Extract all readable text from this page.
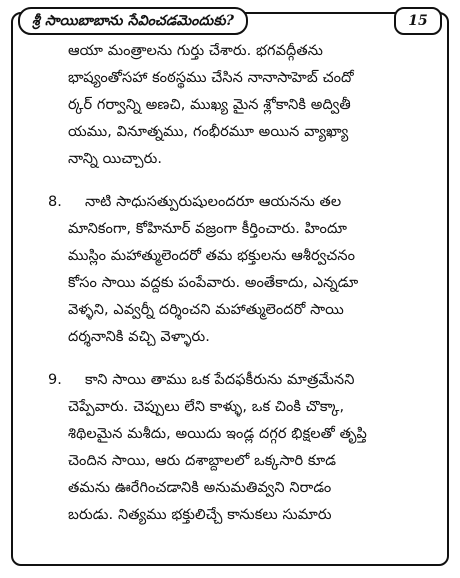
శ్రీ సాయిబాబాను సేవించడమెందుకు?	15
ఆయా మంత్రాలను గుర్తు చేశారు. భగవద్గీతను
భాష్యంతోసహా కంఠస్థము చేసిన నానాసాహెబ్ చందో
ర్కర్ గర్వాన్ని అణచి, ముఖ్య మైన శ్లోకానికి అద్వితీ
యము, వినూత్నము, గంభీరమూ అయిన వ్యాఖ్యా
నాన్ని యిచ్చారు.
8.	నాటి సాధుసత్పురుషులందరూ ఆయనను తల
మానికంగా, కోహినూర్ వజ్రంగా కీర్తించారు. హిందూ
ముస్లిం మహాత్ములెందరో తమ భక్తులను ఆశీర్వచనం
కోసం సాయి వద్దకు పంపేవారు. అంతేకాదు, ఎన్నడూ
వెళ్ళని, ఎవ్వర్నీ దర్శించని మహాత్ములెందరో సాయి
దర్శనానికి వచ్చి వెళ్ళారు.
9.	కాని సాయి తాము ఒక పేదఫకీరును మాత్రమేనని
చెప్పేవారు. చెప్పులు లేని కాళ్ళు, ఒక చింకి చొక్కా,
శిథిలమైన మశీదు, అయిదు ఇండ్ల దగ్గర భిక్షలతో తృప్తి
చెందిన సాయి, ఆరు దశాబ్దాలలో ఒక్కసారి కూడ
తమను ఊరేగించడానికి అనుమతివ్వని నిరాడం
బరుడు. నిత్యము భక్తులిచ్చే కానుకలు సుమారు
